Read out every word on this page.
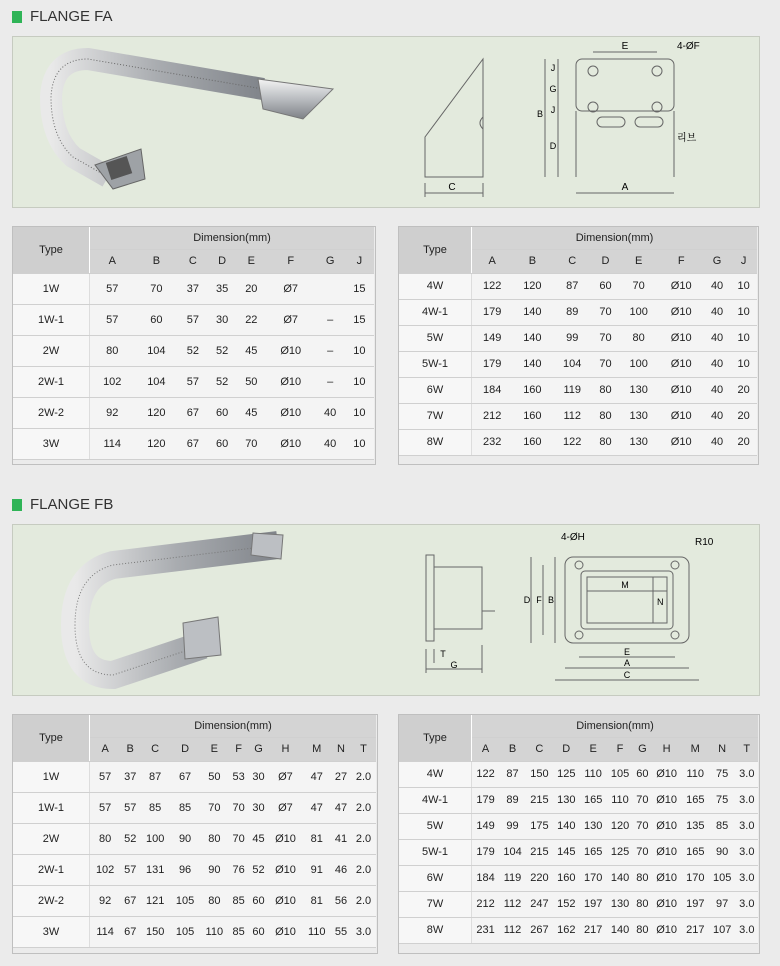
FLANGE FA
C
E	4-ØF
J
G
J
B
D
리브
A
Type	Dimension(mm)							
	A	B	C	D	E	F	G	J
1W	57	70	37	35	20	Ø7		15
1W-1	57	60	57	30	22	Ø7	–	15
2W	80	104	52	52	45	Ø10	–	10
2W-1	102	104	57	52	50	Ø10	–	10
2W-2	92	120	67	60	45	Ø10	40	10
3W	114	120	67	60	70	Ø10	40	10
Type	Dimension(mm)							
	A	B	C	D	E	F	G	J
4W	122	120	87	60	70	Ø10	40	10
4W-1	179	140	89	70	100	Ø10	40	10
5W	149	140	99	70	80	Ø10	40	10
5W-1	179	140	104	70	100	Ø10	40	10
6W	184	160	119	80	130	Ø10	40	20
7W	212	160	112	80	130	Ø10	40	20
8W	232	160	122	80	130	Ø10	40	20
FLANGE FB
T
G
4-ØH	R10
M
N
D F B
E
A
C
Type	Dimension(mm)										
	A	B	C	D	E	F	G	H	M	N	T
1W	57	37	87	67	50	53	30	Ø7	47	27	2.0
1W-1	57	57	85	85	70	70	30	Ø7	47	47	2.0
2W	80	52	100	90	80	70	45	Ø10	81	41	2.0
2W-1	102	57	131	96	90	76	52	Ø10	91	46	2.0
2W-2	92	67	121	105	80	85	60	Ø10	81	56	2.0
3W	114	67	150	105	110	85	60	Ø10	110	55	3.0
Type	Dimension(mm)										
	A	B	C	D	E	F	G	H	M	N	T
4W	122	87	150	125	110	105	60	Ø10	110	75	3.0
4W-1	179	89	215	130	165	110	70	Ø10	165	75	3.0
5W	149	99	175	140	130	120	70	Ø10	135	85	3.0
5W-1	179	104	215	145	165	125	70	Ø10	165	90	3.0
6W	184	119	220	160	170	140	80	Ø10	170	105	3.0
7W	212	112	247	152	197	130	80	Ø10	197	97	3.0
8W	231	112	267	162	217	140	80	Ø10	217	107	3.0
